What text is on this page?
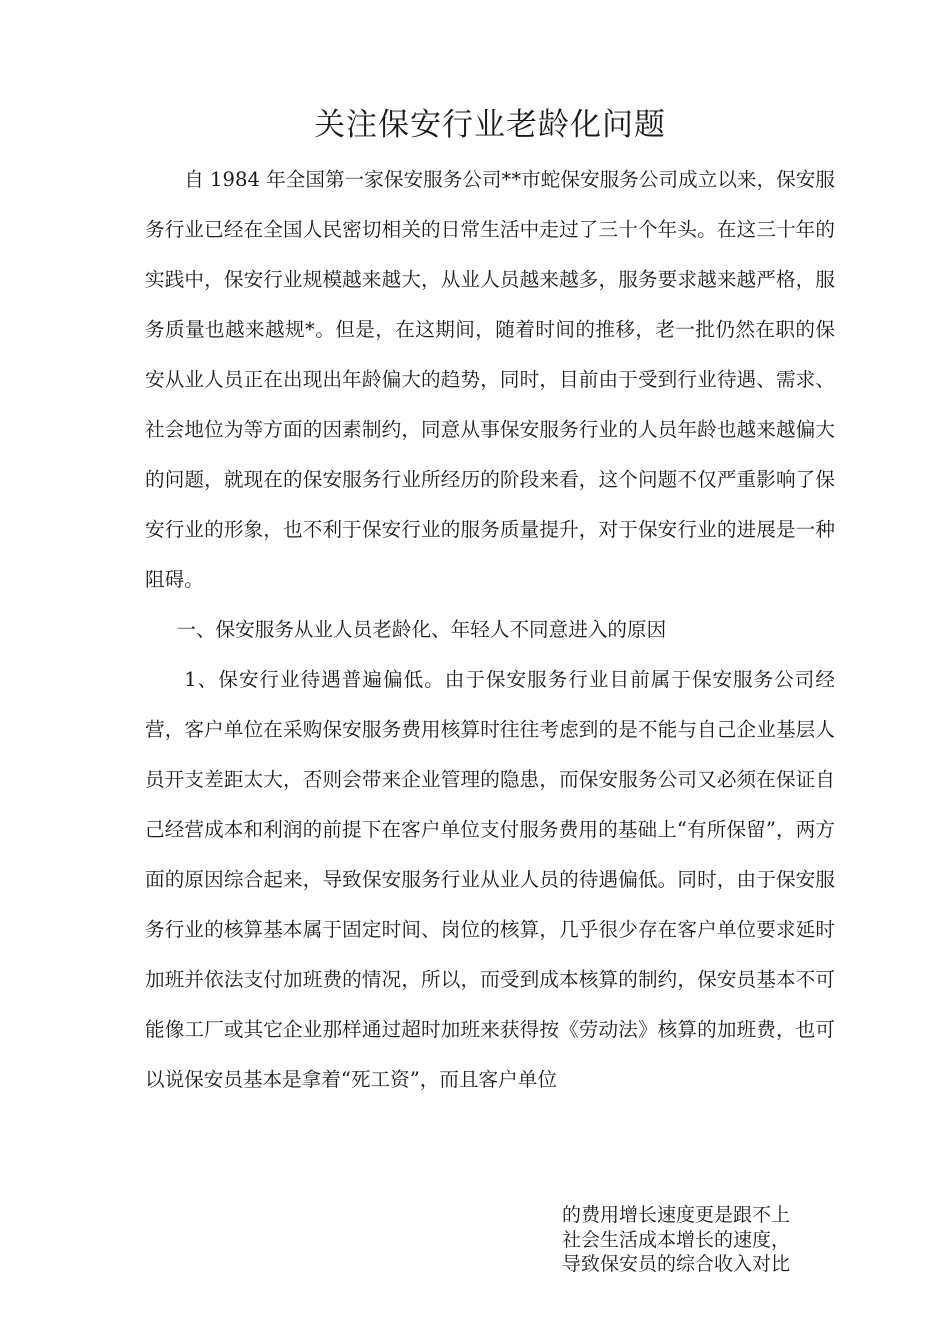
关注保安行业老龄化问题

自 1984 年全国第一家保安服务公司**市蛇保安服务公司成立以来，保安服务行业已经在全国人民密切相关的日常生活中走过了三十个年头。在这三十年的实践中，保安行业规模越来越大，从业人员越来越多，服务要求越来越严格，服务质量也越来越规*。但是，在这期间，随着时间的推移，老一批仍然在职的保安从业人员正在出现出年龄偏大的趋势，同时，目前由于受到行业待遇、需求、社会地位为等方面的因素制约，同意从事保安服务行业的人员年龄也越来越偏大的问题，就现在的保安服务行业所经历的阶段来看，这个问题不仅严重影响了保安行业的形象，也不利于保安行业的服务质量提升，对于保安行业的进展是一种阻碍。

一、保安服务从业人员老龄化、年轻人不同意进入的原因

1、保安行业待遇普遍偏低。由于保安服务行业目前属于保安服务公司经营，客户单位在采购保安服务费用核算时往往考虑到的是不能与自己企业基层人员开支差距太大，否则会带来企业管理的隐患，而保安服务公司又必须在保证自己经营成本和利润的前提下在客户单位支付服务费用的基础上“有所保留”，两方面的原因综合起来，导致保安服务行业从业人员的待遇偏低。同时，由于保安服务行业的核算基本属于固定时间、岗位的核算，几乎很少存在客户单位要求延时加班并依法支付加班费的情况，所以，而受到成本核算的制约，保安员基本不可能像工厂或其它企业那样通过超时加班来获得按《劳动法》核算的加班费，也可以说保安员基本是拿着“死工资”，而且客户单位

的费用增长速度更是跟不上
社会生活成本增长的速度，
导致保安员的综合收入对比
